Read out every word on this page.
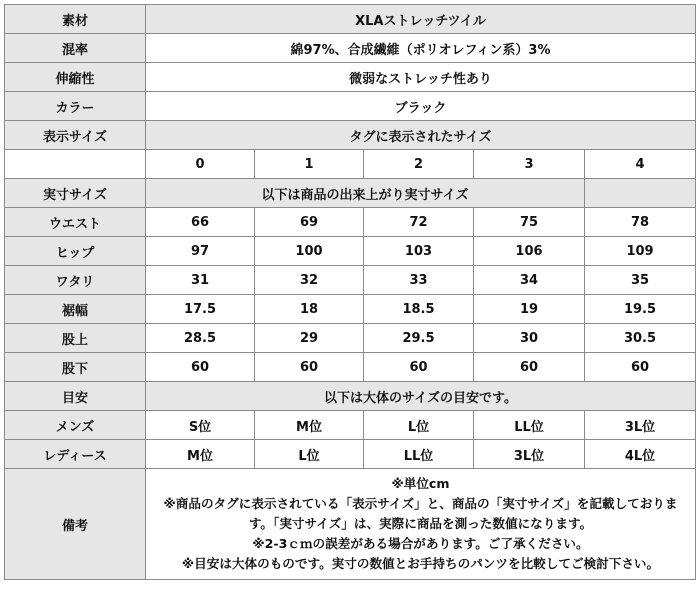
素材	XLAストレッチツイル				
混率	綿97%、合成繊維（ポリオレフィン系）3%				
伸縮性	微弱なストレッチ性あり				
カラー	ブラック				
表示サイズ	タグに表示されたサイズ				
	0	1	2	3	4
実寸サイズ	以下は商品の出来上がり実寸サイズ				
ウエスト	66	69	72	75	78
ヒップ	97	100	103	106	109
ワタリ	31	32	33	34	35
裾幅	17.5	18	18.5	19	19.5
股上	28.5	29	29.5	30	30.5
股下	60	60	60	60	60
目安	以下は大体のサイズの目安です。				
メンズ	S位	M位	L位	LL位	3L位
レディース	M位	L位	LL位	3L位	4L位
備考	※単位cm
※商品のタグに表示されている「表示サイズ」と、商品の「実寸サイズ」を記載しておりま
す。「実寸サイズ」は、実際に商品を測った数値になります。
※2-3ｃｍの誤差がある場合があります。ご了承ください。
※目安は大体のものです。実寸の数値とお手持ちのパンツを比較してご検討下さい。				
